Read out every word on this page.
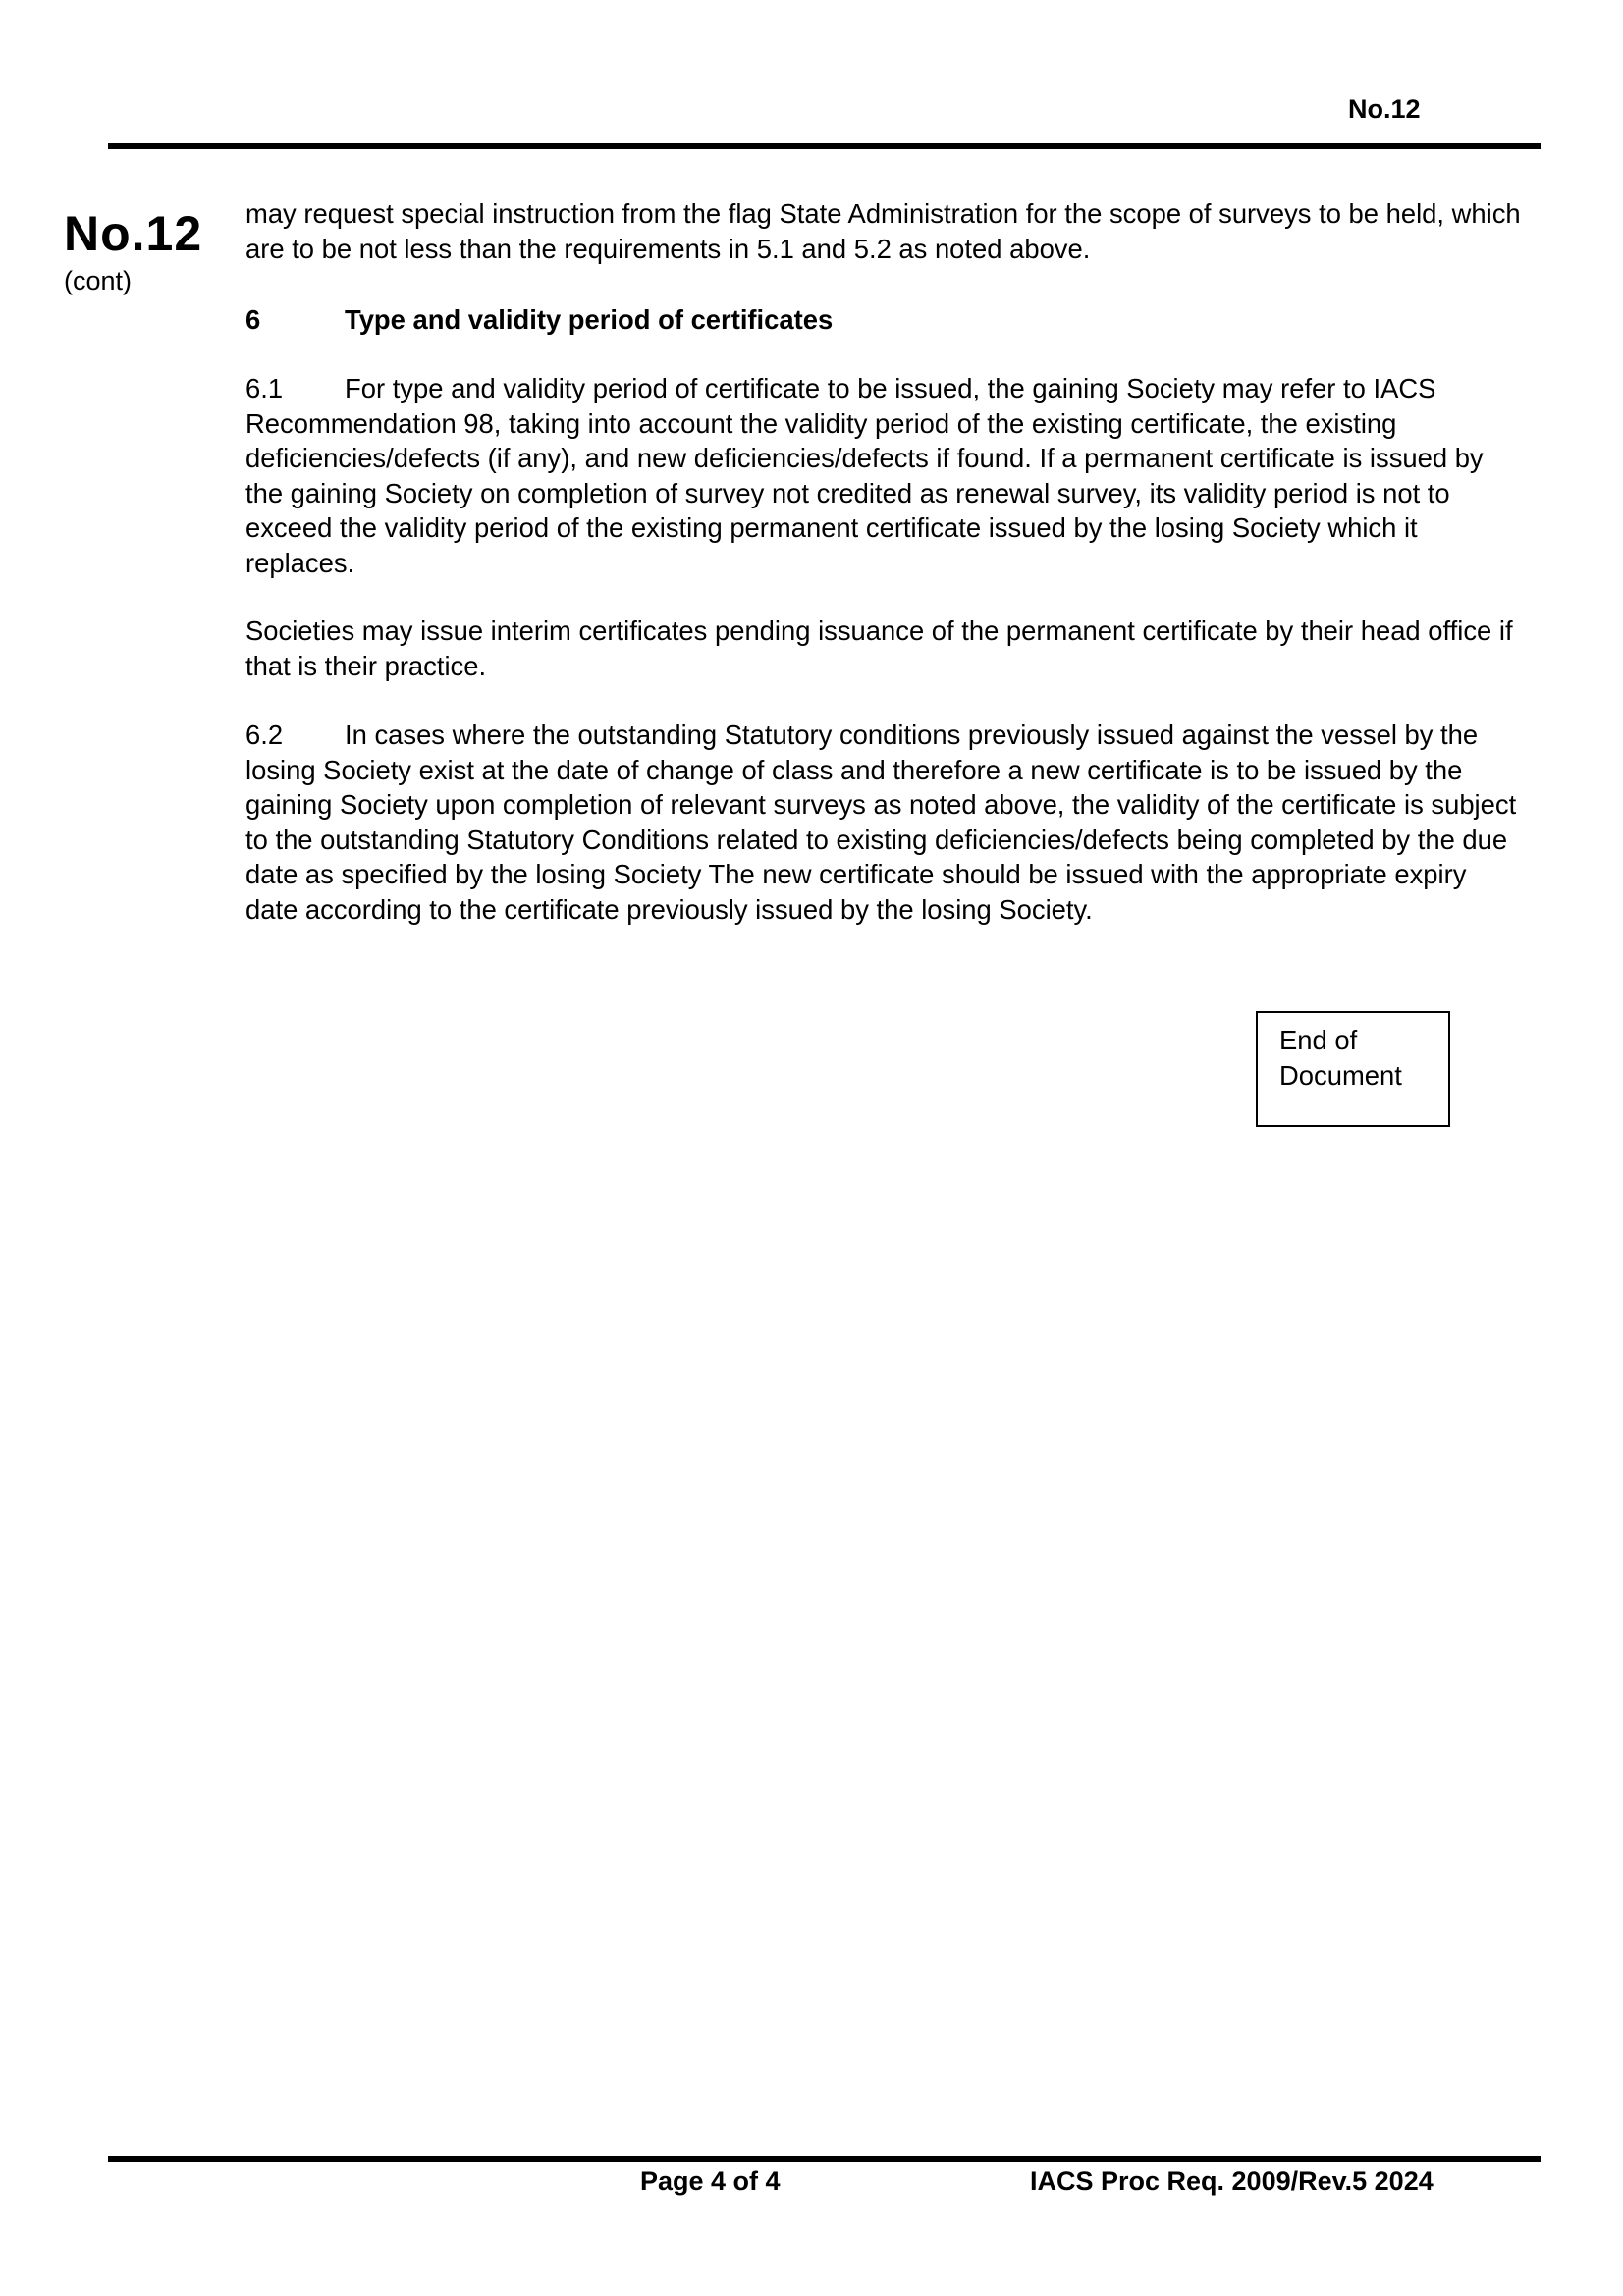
No.12
No.12
(cont)

may request special instruction from the flag State Administration for the scope of surveys to be held, which are to be not less than the requirements in 5.1 and 5.2 as noted above.

6	Type and validity period of certificates

6.1 For type and validity period of certificate to be issued, the gaining Society may refer to IACS Recommendation 98, taking into account the validity period of the existing certificate, the existing deficiencies/defects (if any), and new deficiencies/defects if found. If a permanent certificate is issued by the gaining Society on completion of survey not credited as renewal survey, its validity period is not to exceed the validity period of the existing permanent certificate issued by the losing Society which it replaces.

Societies may issue interim certificates pending issuance of the permanent certificate by their head office if that is their practice.

6.2 In cases where the outstanding Statutory conditions previously issued against the vessel by the losing Society exist at the date of change of class and therefore a new certificate is to be issued by the gaining Society upon completion of relevant surveys as noted above, the validity of the certificate is subject to the outstanding Statutory Conditions related to existing deficiencies/defects being completed by the due date as specified by the losing Society The new certificate should be issued with the appropriate expiry date according to the certificate previously issued by the losing Society.

End of
Document
Page 4 of 4	IACS Proc Req. 2009/Rev.5 2024
